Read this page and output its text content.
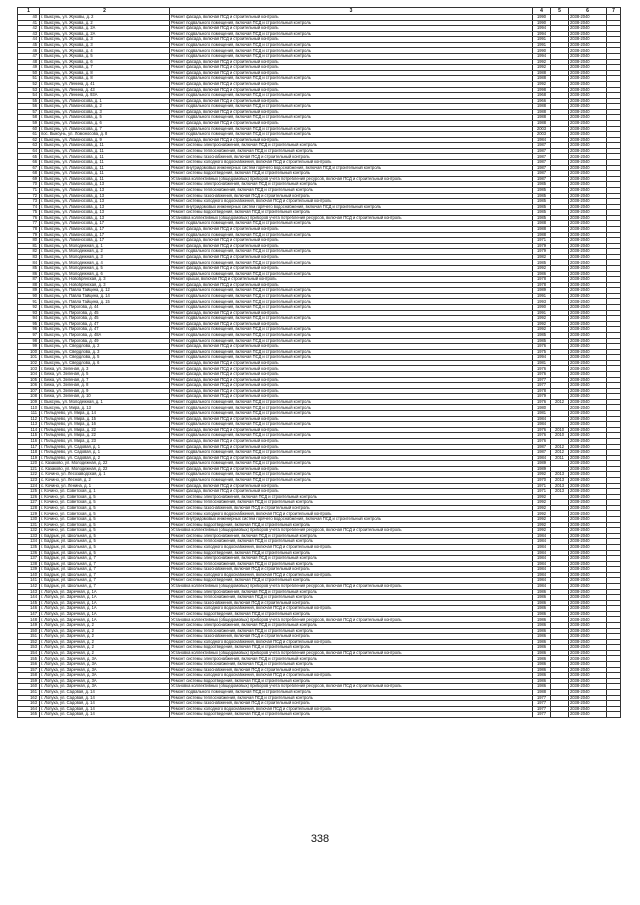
1	2	3	4	5	6	7
40	г. Выксунь, ул. Жуковы, д. 2	Ремонт фасада, включая ПСД и строительный контроль	1990		2038-2040	
41	г. Выксунь, ул. Жукова, д. 2	Ремонт подвального помещения, включая ПСД и строительный контроль	1990		2038-2040	
42	г. Выксунь, ул. Жукова, д. 2А	Ремонт фасада, включая ПСД и строительный контроль	1994		2038-2040	
43	г. Выксунь, ул. Жукова, д. 2А	Ремонт подвального помещения, включая ПСД и строительный контроль	1994		2038-2040	
44	г. Выксунь, ул. Жукова, д. 3	Ремонт фасада, включая ПСД и строительный контроль	1991		2038-2040	
45	г. Выксунь, ул. Жукова, д. 3	Ремонт подвального помещения, включая ПСД и строительный контроль	1991		2038-2040	
46	г. Выксунь, ул. Жукова, д. 4	Ремонт подвального помещения, включая ПСД и строительный контроль	1990		2038-2040	
47	г. Выксунь, ул. Жукова, д. 5	Ремонт подвального помещения, включая ПСД и строительный контроль	1994		2038-2040	
48	г. Выксунь, ул. Жукова, д. 6	Ремонт фасада, включая ПСД и строительный контроль	1992		2038-2040	
49	г. Выксунь, ул. Жукова, д. 7	Ремонт фасада, включая ПСД и строительный контроль	1992		2038-2040	
50	г. Выксунь, ул. Жукова, д. 8	Ремонт фасада, включая ПСД и строительный контроль	1988		2038-2040	
51	г. Выксунь, ул. Жукова, д. 8	Ремонт подвального помещения, включая ПСД и строительный контроль	1988		2038-2040	
52	г. Выксунь, ул. Ленина, д. 41	Ремонт фасада, включая ПСД и строительный контроль	1992		2038-2040	
53	г. Выксунь, ул. Ленина, д. 43	Ремонт фасада, включая ПСД и строительный контроль	1998		2038-2040	
54	г. Выксунь, ул. Ленина, д. 93А	Ремонт подвального помещения, включая ПСД и строительный контроль	1968		2038-2040	
55	г. Выксунь, ул. Ломоносова, д. 1	Ремонт фасада, включая ПСД и строительный контроль	1966		2038-2040	
56	г. Выксунь, ул. Ломоносова, д. 2	Ремонт подвального помещения, включая ПСД и строительный контроль	1988		2038-2040	
57	г. Выксунь, ул. Ломоносова, д. 3	Ремонт фасада, включая ПСД и строительный контроль	1988		2038-2040	
58	г. Выксунь, ул. Ломоносова, д. 5	Ремонт подвального помещения, включая ПСД и строительный контроль	1988		2038-2040	
59	г. Выксунь, ул. Ломоносова, д. 6	Ремонт фасада, включая ПСД и строительный контроль	1988		2038-2040	
60	г. Выксунь, ул. Ломоносова, д. 7	Ремонт подвального помещения, включая ПСД и строительный контроль	2003		2038-2040	
61	пос. Выксунь, ул. Ломоносова, д. 8	Ремонт подвального помещения, включая ПСД и строительный контроль	2003		2038-2040	
62	г. Выксунь, ул. Ломоносова, д. 9	Ремонт фасада, включая ПСД и строительный контроль	1984		2038-2040	
63	г. Выксунь, ул. Ломоносова, д. 11	Ремонт системы электроснабжения, включая ПСД и строительный контроль	1987		2038-2040	
64	г. Выксунь, ул. Ломоносова, д. 11	Ремонт системы теплоснабжения, включая ПСД и строительный контроль	1987		2038-2040	
65	г. Выксунь, ул. Ломоносова, д. 11	Ремонт системы газоснабжения, включая ПСД и строительный контроль	1987		2038-2040	
66	г. Выксунь, ул. Ломоносова, д. 11	Ремонт системы холодного водоснабжения, включая ПСД и строительный контроль	1987		2038-2040	
67	г. Выксунь, ул. Ломоносова, д. 11	Ремонт внутридомовых инженерных систем горячего водоснабжения, включая ПСД и строительный контроль	1987		2038-2040	
68	г. Выксунь, ул. Ломоносова, д. 11	Ремонт системы водоотведения, включая ПСД и строительный контроль	1987		2038-2040	
69	г. Выксунь, ул. Ломоносова, д. 11	Установка коллективных (общедомовых) приборов учета потребления ресурсов, включая ПСД и строительный контроль	1987		2038-2040	
70	г. Выксунь, ул. Ломоносова, д. 13	Ремонт системы электроснабжения, включая ПСД и строительный контроль	1985		2038-2040	
71	г. Выксунь, ул. Ломоносова, д. 13	Ремонт системы теплоснабжения, включая ПСД и строительный контроль	1985		2038-2040	
72	г. Выксунь, ул. Ломоносова, д. 13	Ремонт системы газоснабжения, включая ПСД и строительный контроль	1985		2038-2040	
73	г. Выксунь, ул. Ломоносова, д. 13	Ремонт системы холодного водоснабжения, включая ПСД и строительный контроль	1985		2038-2040	
74	г. Выксунь, ул. Ломоносова, д. 13	Ремонт внутридомовых инженерных систем горячего водоснабжения, включая ПСД и строительный контроль	1985		2038-2040	
75	г. Выксунь, ул. Ломоносова, д. 13	Ремонт системы водоотведения, включая ПСД и строительный контроль	1985		2038-2040	
76	г. Выксунь, ул. Ломоносова, д. 13	Установка коллективных (общедомовых) приборов учета потребления ресурсов, включая ПСД и строительный контроль	1985		2038-2040	
77	г. Выксунь, ул. Ломоносова, д. 17	Ремонт подвального помещения, включая ПСД и строительный контроль	1988		2038-2040	
78	г. Выксунь, ул. Ломоносова, д. 17	Ремонт фасада, включая ПСД и строительный контроль	1988		2038-2040	
79	г. Выксунь, ул. Ломоносова, д. 17	Ремонт подвального помещения, включая ПСД и строительный контроль	1988		2038-2040	
80	г. Выксунь, ул. Ломоносова, д. 17	Ремонт фасада, включая ПСД и строительный контроль	1971		2038-2040	
81	г. Выксунь, ул. Молодежная, д. 1	Ремонт фасада, включая ПСД и строительный контроль	1979		2038-2040	
82	г. Выксунь, ул. Молодежная, д. 2	Ремонт подвального помещения, включая ПСД и строительный контроль	1979		2038-2040	
83	г. Выксунь, ул. Молодежная, д. 3	Ремонт фасада, включая ПСД и строительный контроль	1982		2038-2040	
84	г. Выксунь, ул. Молодежная, д. 4	Ремонт подвального помещения, включая ПСД и строительный контроль	1985		2038-2040	
85	г. Выксунь, ул. Молодежная, д. 5	Ремонт фасада, включая ПСД и строительный контроль	1992		2038-2040	
86	г. Выксунь, ул. Молодежная, д. 6	Ремонт подвального помещения, включая ПСД и строительный контроль	1986		2038-2040	
87	г. Выксунь, ул. Новобрянская, д. 3	Ремонт крыши, включая ПСД и строительный контроль	1978		2038-2040	
88	г. Выксунь, ул. Новобрянская, д. 3	Ремонт фасада, включая ПСД и строительный контроль	1978		2038-2040	
89	г. Выксунь, ул. Павла Тайцина, д. 12	Ремонт подвального помещения, включая ПСД и строительный контроль	1989		2038-2040	
90	г. Выксунь, ул. Павла Тайцина, д. 14	Ремонт подвального помещения, включая ПСД и строительный контроль	1991		2038-2040	
91	г. Выксунь, ул. Павла Тайцина, д. 15	Ремонт подвального помещения, включая ПСД и строительный контроль	1993		2038-2040	
92	г. Выксунь, ул. Пирогова, д. 44	Ремонт подвального помещения, включая ПСД и строительный контроль	1990		2038-2040	
93	г. Выксунь, ул. Пирогова, д. 45	Ремонт фасада, включая ПСД и строительный контроль	1991		2038-2040	
94	г. Выксунь, ул. Пирогова, д. 45	Ремонт подвального помещения, включая ПСД и строительный контроль	1992		2038-2040	
95	г. Выксунь, ул. Пирогова, д. 47	Ремонт фасада, включая ПСД и строительный контроль	1992		2038-2040	
96	г. Выксунь, ул. Пирогова, д. 47	Ремонт подвального помещения, включая ПСД и строительный контроль	1992		2038-2040	
97	г. Выксунь, ул. Пирогова, д. 48А	Ремонт подвального помещения, включая ПСД и строительный контроль	1985		2038-2040	
98	г. Выксунь, ул. Пирогова, д. 49	Ремонт подвального помещения, включая ПСД и строительный контроль	1985		2038-2040	
99	г. Выксунь, ул. Свердлова, д. 2	Ремонт фасада, включая ПСД и строительный контроль	1976		2038-2040	
100	г. Выксунь, ул. Свердлова, д. 3	Ремонт подвального помещения, включая ПСД и строительный контроль	1975		2038-2040	
101	г. Выксунь, ул. Свердлова, д. 5	Ремонт подвального помещения, включая ПСД и строительный контроль	1994		2038-2040	
102	г. Выксунь, ул. Свердлова, д. 6	Ремонт фасада, включая ПСД и строительный контроль	1981		2038-2040	
103	г. Бежа, ул. Зеленая, д. 3	Ремонт фасада, включая ПСД и строительный контроль	1976		2038-2040	
104	г. Бежа, ул. Зеленая, д. 5	Ремонт фасада, включая ПСД и строительный контроль	1976		2038-2040	
105	г. Бежа, ул. Зеленая, д. 7	Ремонт фасада, включая ПСД и строительный контроль	1977		2038-2040	
106	г. Бежа, ул. Зеленая, д. 8	Ремонт фасада, включая ПСД и строительный контроль	1977		2038-2040	
107	г. Бежа, ул. Зеленая, д. 9	Ремонт фасада, включая ПСД и строительный контроль	1978		2038-2040	
108	г. Бежа, ул. Зеленая, д. 10	Ремонт фасада, включая ПСД и строительный контроль	1979		2038-2040	
109	г. Выксунь, ул. Молодежная, д. 1	Ремонт подвального помещения, включая ПСД и строительный контроль	1976	2012	2038-2040	
110	г. Выксунь, ул. Мира, д. 13	Ремонт подвального помещения, включая ПСД и строительный контроль	1980		2038-2040	
111	г. Пильдяево, ул. Мира, д. 14	Ремонт подвального помещения, включая ПСД и строительный контроль	1981		2038-2040	
112	г. Пильдяево, ул. Мира, д. 15	Ремонт фасада, включая ПСД и строительный контроль	1984		2038-2040	
113	г. Пильдяево, ул. Мира, д. 16	Ремонт подвального помещения, включая ПСД и строительный контроль	1984		2038-2040	
114	г. Пильдяево, ул. Мира, д. 22	Ремонт фасада, включая ПСД и строительный контроль	1976	2010	2038-2040	
115	г. Пильдяево, ул. Мира, д. 22	Ремонт подвального помещения, включая ПСД и строительный контроль	1976	2010	2038-2040	
116	г. Пильдяево, ул. Мира, д. 23	Ремонт фасада, включая ПСД и строительный контроль	1976		2038-2040	
117	г. Пильдяево, ул. Садовая, д. 1	Ремонт фасада, включая ПСД и строительный контроль	1987	2012	2038-2040	
118	г. Пильдяево, ул. Садовая, д. 1	Ремонт подвального помещения, включая ПСД и строительный контроль	1987	2012	2038-2040	
119	г. Пильдяево, ул. Садовая, д. 2	Ремонт фасада, включая ПСД и строительный контроль	1984	2011	2038-2040	
120	с. Казаково, ул. Молодежная, д. 22	Ремонт подвального помещения, включая ПСД и строительный контроль	1989		2038-2040	
121	с. Казаково, ул. Молодежная, д. 22	Ремонт фасада, включая ПСД и строительный контроль	1989		2038-2040	
122	с. Кочино, ул. Лесозаводская, д. 1	Ремонт подвального помещения, включая ПСД и строительный контроль	1992	2013	2038-2040	
123	с. Кочино, ул. Лесной, д. 2	Ремонт подвального помещения, включая ПСД и строительный контроль	1970	2013	2038-2040	
124	с. Кочино, ул. Ленина, д. 1	Ремонт фасада, включая ПСД и строительный контроль	1971	2013	2038-2040	
125	г. Кочино, ул. Советская, д. 1	Ремонт фасада, включая ПСД и строительный контроль	1971	2013	2038-2040	
126	г. Кочино, ул. Советская, д. 5	Ремонт системы электроснабжения, включая ПСД и строительный контроль	1992		2038-2040	
127	г. Кочино, ул. Советская, д. 5	Ремонт системы теплоснабжения, включая ПСД и строительный контроль	1992		2038-2040	
128	г. Кочино, ул. Советская, д. 5	Ремонт системы газоснабжения, включая ПСД и строительный контроль	1992		2038-2040	
129	г. Кочино, ул. Советская, д. 5	Ремонт системы холодного водоснабжения, включая ПСД и строительный контроль	1992		2038-2040	
130	г. Кочино, ул. Советская, д. 5	Ремонт внутридомовых инженерных систем горячего водоснабжения, включая ПСД и строительный контроль	1992		2038-2040	
131	г. Кочино, ул. Советская, д. 5	Ремонт системы водоотведения, включая ПСД и строительный контроль	1992		2038-2040	
132	г. Кочино, ул. Советская, д. 5	Установка коллективных (общедомовых) приборов учета потребления ресурсов, включая ПСД и строительный контроль	1992		2038-2040	
133	г. Бадрык, ул. Школьная, д. 5	Ремонт системы электроснабжения, включая ПСД и строительный контроль	1984		2038-2040	
134	г. Бадрык, ул. Школьная, д. 5	Ремонт системы теплоснабжения, включая ПСД и строительный контроль	1984		2038-2040	
135	г. Бадрык, ул. Школьная, д. 5	Ремонт системы холодного водоснабжения, включая ПСД и строительный контроль	1984		2038-2040	
136	г. Бадрык, ул. Школьная, д. 5	Ремонт системы водоотведения, включая ПСД и строительный контроль	1984		2038-2040	
137	г. Бадрык, ул. Школьная, д. 7	Ремонт системы электроснабжения, включая ПСД и строительный контроль	1984		2038-2040	
138	г. Бадрык, ул. Школьная, д. 7	Ремонт системы теплоснабжения, включая ПСД и строительный контроль	1984		2038-2040	
139	г. Бадрык, ул. Школьная, д. 7	Ремонт системы газоснабжения, включая ПСД и строительный контроль	1984		2038-2040	
140	г. Бадрык, ул. Школьная, д. 7	Ремонт системы холодного водоснабжения, включая ПСД и строительный контроль	1984		2038-2040	
141	г. Бадрык, ул. Школьная, д. 7	Ремонт системы водоотведения, включая ПСД и строительный контроль	1984		2038-2040	
142	г. Бадрык, ул. Школьная, д. 7	Установка коллективных (общедомовых) приборов учета потребления ресурсов, включая ПСД и строительный контроль	1984		2038-2040	
143	г. Лопуха, ул. Заречная, д. 1А	Ремонт системы электроснабжения, включая ПСД и строительный контроль	1986		2038-2040	
144	г. Лопуха, ул. Заречная, д. 1А	Ремонт системы теплоснабжения, включая ПСД и строительный контроль	1986		2038-2040	
145	г. Лопуха, ул. Заречная, д. 1А	Ремонт системы газоснабжения, включая ПСД и строительный контроль	1986		2038-2040	
146	г. Лопуха, ул. Заречная, д. 1А	Ремонт системы холодного водоснабжения, включая ПСД и строительный контроль	1986		2038-2040	
147	г. Лопуха, ул. Заречная, д. 1А	Ремонт системы водоотведения, включая ПСД и строительный контроль	1986		2038-2040	
148	г. Лопуха, ул. Заречная, д. 1А	Установка коллективных (общедомовых) приборов учета потребления ресурсов, включая ПСД и строительный контроль	1986		2038-2040	
149	г. Лопуха, ул. Заречная, д. 2	Ремонт системы электроснабжения, включая ПСД и строительный контроль	1986		2038-2040	
150	г. Лопуха, ул. Заречная, д. 2	Ремонт системы теплоснабжения, включая ПСД и строительный контроль	1986		2038-2040	
151	г. Лопуха, ул. Заречная, д. 2	Ремонт системы газоснабжения, включая ПСД и строительный контроль	1986		2038-2040	
152	г. Лопуха, ул. Заречная, д. 2	Ремонт системы холодного водоснабжения, включая ПСД и строительный контроль	1986		2038-2040	
153	г. Лопуха, ул. Заречная, д. 2	Ремонт системы водоотведения, включая ПСД и строительный контроль	1986		2038-2040	
154	г. Лопуха, ул. Заречная, д. 2	Установка коллективных (общедомовых) приборов учета потребления ресурсов, включая ПСД и строительный контроль	1986		2038-2040	
155	г. Лопуха, ул. Заречная, д. 3А	Ремонт системы электроснабжения, включая ПСД и строительный контроль	1986		2038-2040	
156	г. Лопуха, ул. Заречная, д. 3А	Ремонт системы теплоснабжения, включая ПСД и строительный контроль	1986		2038-2040	
157	г. Лопуха, ул. Заречная, д. 3А	Ремонт системы газоснабжения, включая ПСД и строительный контроль	1986		2038-2040	
158	г. Лопуха, ул. Заречная, д. 3А	Ремонт системы холодного водоснабжения, включая ПСД и строительный контроль	1986		2038-2040	
159	г. Лопуха, ул. Заречная, д. 3А	Ремонт системы водоотведения, включая ПСД и строительный контроль	1986		2038-2040	
160	г. Лопуха, ул. Заречная, д. 3А	Установка коллективных (общедомовых) приборов учета потребления ресурсов, включая ПСД и строительный контроль	1986		2038-2040	
161	г. Лопуха, ул. Садовая, д. 14	Ремонт подвального помещения, включая ПСД и строительный контроль	1988		2038-2040	
162	г. Лопуха, ул. Садовая, д. 14	Ремонт системы теплоснабжения, включая ПСД и строительный контроль	1977		2038-2040	
163	г. Лопуха, ул. Садовая, д. 14	Ремонт системы газоснабжения, включая ПСД и строительный контроль	1977		2038-2040	
164	г. Лопуха, ул. Садовая, д. 14	Ремонт системы холодного водоснабжения, включая ПСД и строительный контроль	1977		2038-2040	
165	г. Лопуха, ул. Садовая, д. 14	Ремонт системы водоотведения, включая ПСД и строительный контроль	1977		2038-2040	
338
